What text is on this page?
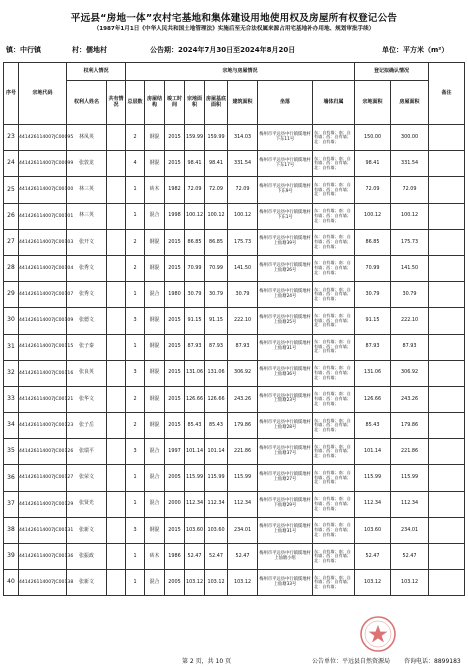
平远县“房地一体”农村宅基地和集体建设用地使用权及房屋所有权登记公告
（1987年1月1日《中华人民共和国土地管理法》实施后至无合法权属来源占用宅基地补办用地、规划审批手续）
镇：中行镇	村：儒地村	公告期：2024年7月30日至2024年8月20日	单位：平方米（m²）
序号	宗地代码	权利人情况		宗地与房屋情况								登记拟确认情况		备注
		权利人姓名	共有情况	总层数	房屋结构	竣工时间	宗地面积	房屋基底面积	建筑面积	坐落	墙体归属	宗地面积	房屋面积	
23	441426114007JC00095	林凤英		2	钢混	2015	159.99	159.99	314.03	梅州市平远县中行镇儒地村下东11号	东：自有墙；南：自有墙；西：自有墙；北：自有墙；	150.00	300.00	
24	441426114007JC00099	张敦龙		4	钢混	2015	98.41	98.41	331.54	梅州市平远县中行镇儒地村下东17号	东：自有墙；南：自有墙；西：自有墙；北：自有墙；	98.41	331.54	
25	441426114007JC00100	林三英		1	砖木	1982	72.09	72.09	72.09	梅州市平远县中行镇儒地村下东9号	东：自有墙；南：自有墙；西：自有墙；北：自有墙；	72.09	72.09	
26	441426114007JC00101	林三英		1	混合	1998	100.12	100.12	100.12	梅州市平远县中行镇儒地村下东1号	东：自有墙；南：自有墙；西：自有墙；北：自有墙；	100.12	100.12	
27	441426114007JC00103	张开文		2	钢混	2015	86.85	86.85	175.73	梅州市平远县中行镇儒地村上仙塘39号	东：自有墙；南：自有墙；西：自有墙；北：自有墙；	86.85	175.73	
28	441426114007JC00104	张秀文		2	钢混	2015	70.99	70.99	141.50	梅州市平远县中行镇儒地村上仙塘26号	东：自有墙；南：自有墙；西：自有墙；北：自有墙；	70.99	141.50	
29	441426114007JC00107	张秀文		1	混合	1980	30.79	30.79	30.79	梅州市平远县中行镇儒地村上仙塘24号	东：自有墙；南：自有墙；西：自有墙；北：自有墙；	30.79	30.79	
30	441426114007JC00109	张德文		3	钢混	2015	91.15	91.15	222.10	梅州市平远县中行镇儒地村上仙塘25号	东：自有墙；南：自有墙；西：自有墙；北：自有墙；	91.15	222.10	
31	441426114007JC00115	张子秦		1	钢混	2015	87.93	87.93	87.93	梅州市平远县中行镇儒地村上仙塘31号	东：自有墙；南：自有墙；西：自有墙；北：自有墙；	87.93	87.93	
32	441426114007JC00116	张良英		3	钢混	2015	131.06	131.06	306.92	梅州市平远县中行镇儒地村上仙塘36号	东：自有墙；南：自有墙；西：自有墙；北：自有墙；	131.06	306.92	
33	441426114007JC00121	张华文		2	钢混	2015	126.66	126.66	243.26	梅州市平远县中行镇儒地村上仙塘23号	东：自有墙；南：自有墙；西：自有墙；北：自有墙；	126.66	243.26	
34	441426114007JC00123	张子岳		2	钢混	2015	85.43	85.43	179.86	梅州市平远县中行镇儒地村上仙塘28号	东：自有墙；南：自有墙；西：自有墙；北：自有墙；	85.43	179.86	
35	441426114007JC00126	张瑞平		3	混合	1997	101.14	101.14	221.86	梅州市平远县中行镇儒地村上仙塘37号	东：自有墙；南：自有墙；西：自有墙；北：自有墙；	101.14	221.86	
36	441426114007JC00127	张荣文		1	混合	2005	115.99	115.99	115.99	梅州市平远县中行镇儒地村上仙塘27号	东：自有墙；南：自有墙；西：自有墙；北：自有墙；	115.99	115.99	
37	441426114007JC00129	张贤光		1	混合	2000	112.34	112.34	112.34	梅州市平远县中行镇儒地村下仙塘29号	东：自有墙；南：自有墙；西：自有墙；北：自有墙；	112.34	112.34	
38	441426114007JC00131	张新文		3	钢混	2015	103.60	103.60	234.01	梅州市平远县中行镇儒地村上仙塘31号	东：自有墙；南：自有墙；西：自有墙；北：自有墙；	103.60	234.01	
39	441426114007JC00136	张振政		1	砖木	1986	52.47	52.47	52.47	梅州市平远县中行镇儒地村上仙塘小组	东：自有墙；南：自有墙；西：自有墙；北：自有墙；	52.47	52.47	
40	441426114007JC00138	张新文		1	混合	2005	103.12	103.12	103.12	梅州市平远县中行镇儒地村上仙塘33号	东：自有墙；南：自有墙；西：自有墙；北：自有墙；	103.12	103.12	
第 2 页，共 10 页	公告单位：平远县自然资源局 咨询电话：8899183
